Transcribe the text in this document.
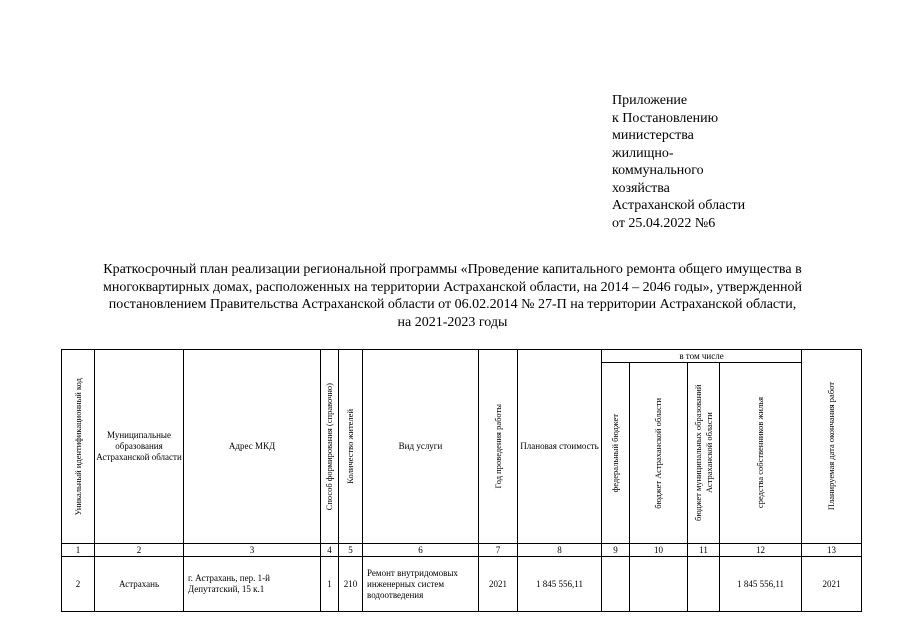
Приложение
к Постановлению
министерства
жилищно-
коммунального
хозяйства
Астраханской области
от 25.04.2022 №6
Краткосрочный план реализации региональной программы «Проведение капитального ремонта общего имущества в
многоквартирных домах, расположенных на территории Астраханской области, на 2014 – 2046 годы», утвержденной
постановлением Правительства Астраханской области от 06.02.2014 № 27-П на территории Астраханской области,
на 2021-2023 годы
Уникальный идентификационный код	Муниципальные образования Астраханской области	Адрес МКД	Способ формирования (справочно)	Количество жителей	Вид услуги	Год проведения работы	Плановая стоимость	в том числе				Планируемая дата окончания работ

								федеральный бюджет	бюджет Астраханской области	бюджет муниципальных образований Астраханской области	средства собственников жилья	

1	2	3	4	5	6	7	8	9	10	11	12	13
2	Астрахань	г. Астрахань, пер. 1-й Депутатский, 15 к.1	1	210	Ремонт внутридомовых инженерных систем водоотведения	2021	1 845 556,11				1 845 556,11	2021
